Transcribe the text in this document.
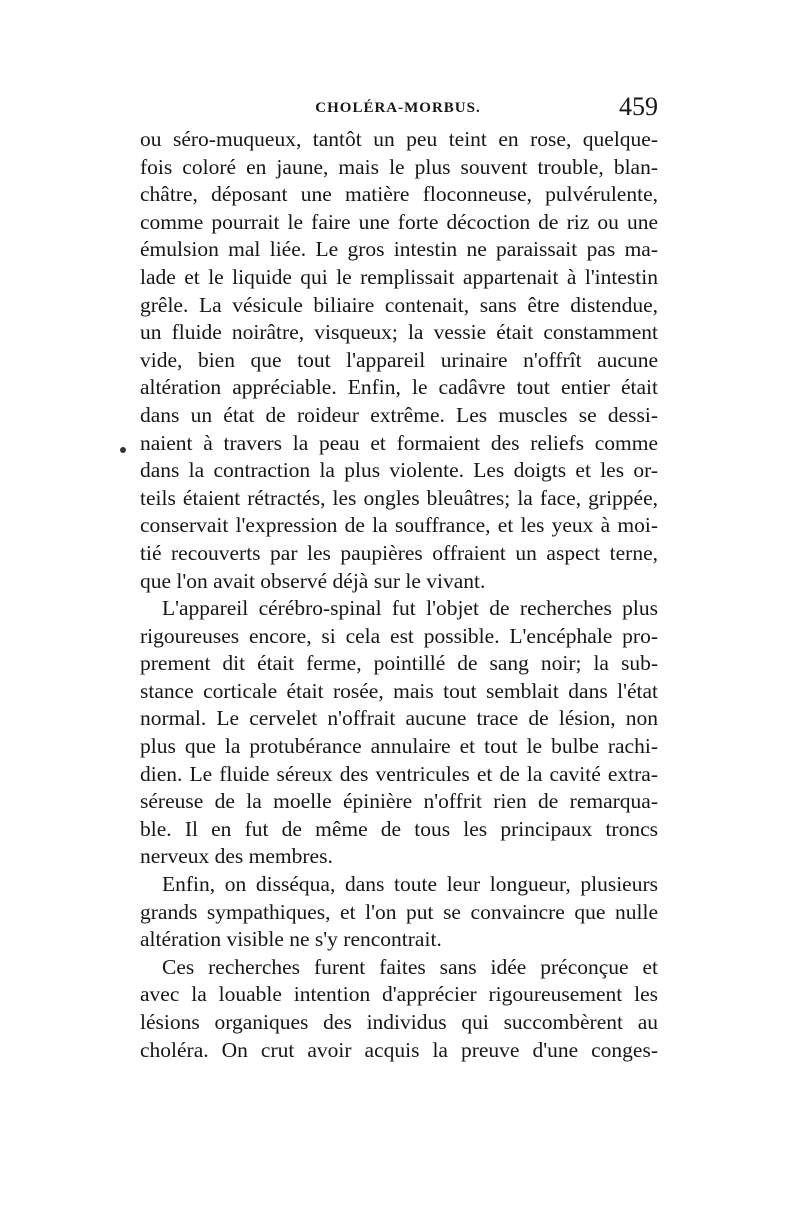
CHOLÉRA-MORBUS.	459
ou séro-muqueux, tantôt un peu teint en rose, quelque-
fois coloré en jaune, mais le plus souvent trouble, blan-
châtre, déposant une matière floconneuse, pulvérulente,
comme pourrait le faire une forte décoction de riz ou une
émulsion mal liée. Le gros intestin ne paraissait pas ma-
lade et le liquide qui le remplissait appartenait à l'intestin
grêle. La vésicule biliaire contenait, sans être distendue,
un fluide noirâtre, visqueux; la vessie était constamment
vide, bien que tout l'appareil urinaire n'offrît aucune
altération appréciable. Enfin, le cadâvre tout entier était
dans un état de roideur extrême. Les muscles se dessi-
naient à travers la peau et formaient des reliefs comme
dans la contraction la plus violente. Les doigts et les or-
teils étaient rétractés, les ongles bleuâtres; la face, grippée,
conservait l'expression de la souffrance, et les yeux à moi-
tié recouverts par les paupières offraient un aspect terne,
que l'on avait observé déjà sur le vivant.
L'appareil cérébro-spinal fut l'objet de recherches plus
rigoureuses encore, si cela est possible. L'encéphale pro-
prement dit était ferme, pointillé de sang noir; la sub-
stance corticale était rosée, mais tout semblait dans l'état
normal. Le cervelet n'offrait aucune trace de lésion, non
plus que la protubérance annulaire et tout le bulbe rachi-
dien. Le fluide séreux des ventricules et de la cavité extra-
séreuse de la moelle épinière n'offrit rien de remarqua-
ble. Il en fut de même de tous les principaux troncs
nerveux des membres.
Enfin, on disséqua, dans toute leur longueur, plusieurs
grands sympathiques, et l'on put se convaincre que nulle
altération visible ne s'y rencontrait.
Ces recherches furent faites sans idée préconçue et
avec la louable intention d'apprécier rigoureusement les
lésions organiques des individus qui succombèrent au
choléra. On crut avoir acquis la preuve d'une conges-
